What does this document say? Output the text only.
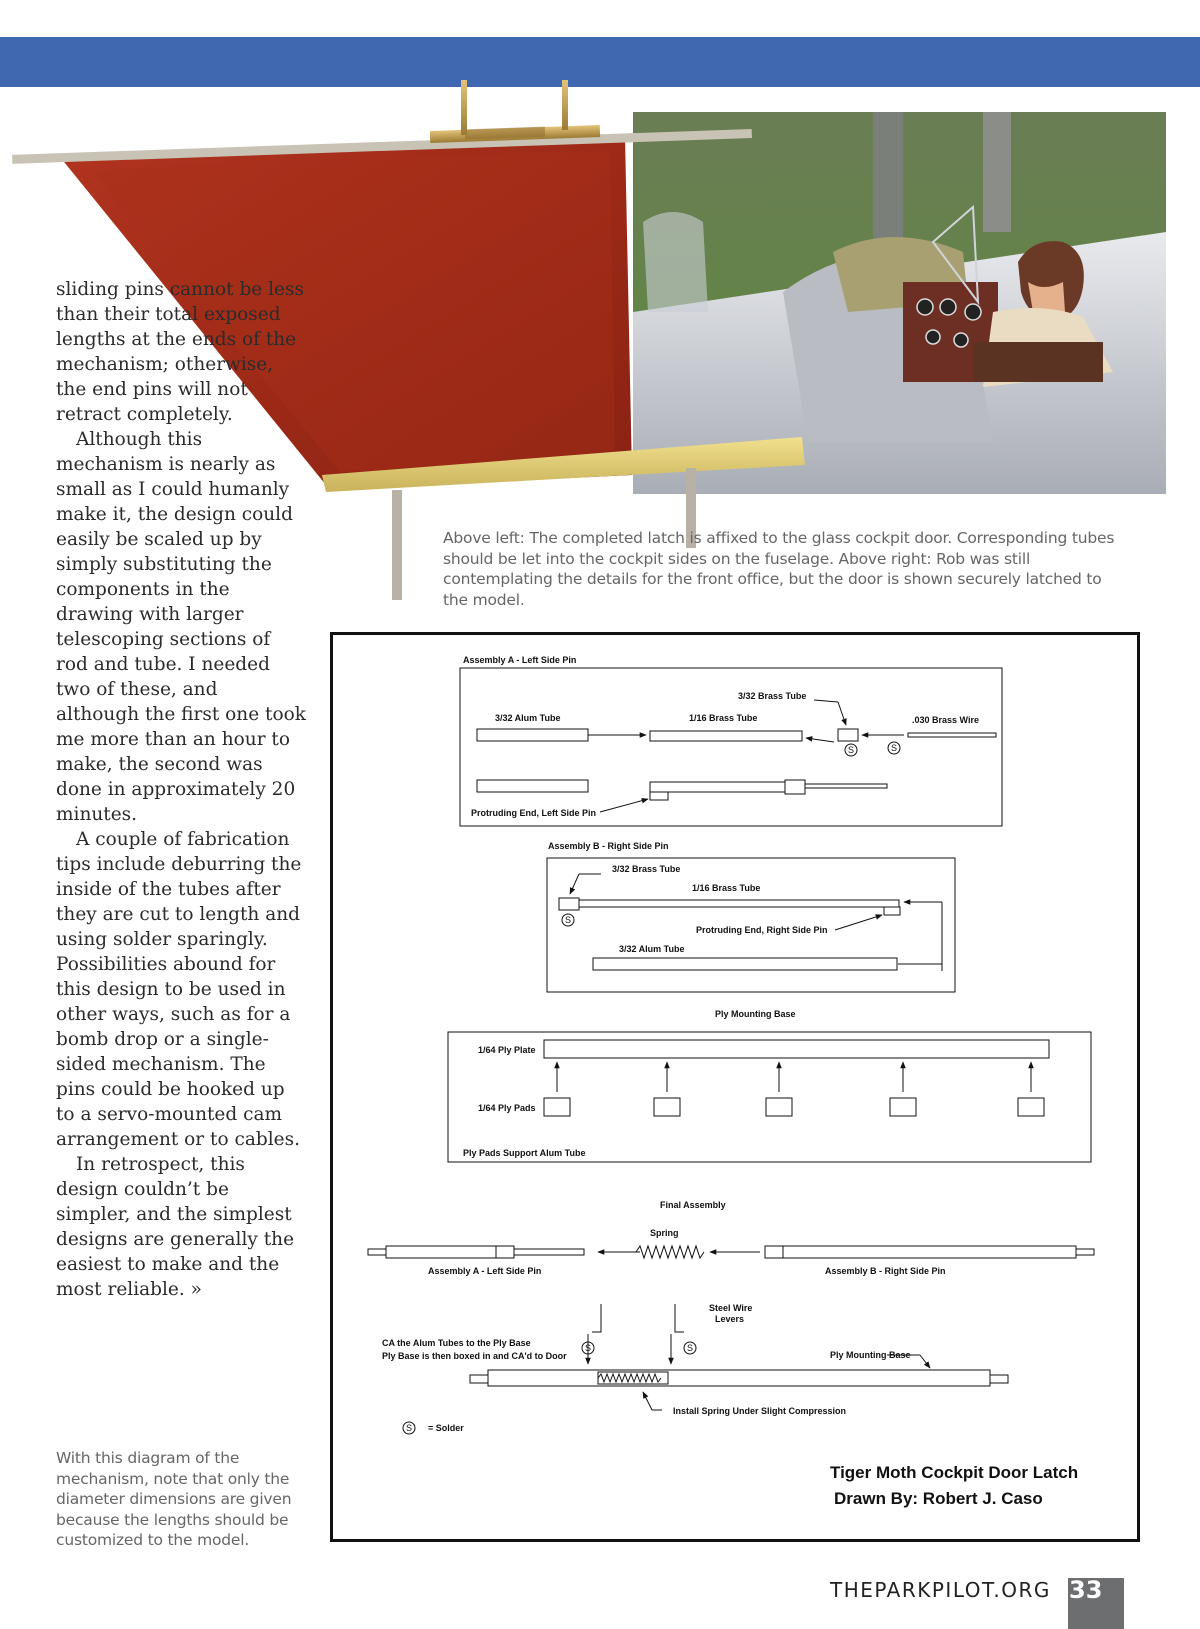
sliding pins cannot be less than their total exposed lengths at the ends of the mechanism; otherwise, the end pins will not retract completely.

Although this mechanism is nearly as small as I could humanly make it, the design could easily be scaled up by simply substituting the components in the drawing with larger telescoping sections of rod and tube. I needed two of these, and although the first one took me more than an hour to make, the second was done in approximately 20 minutes.

A couple of fabrication tips include deburring the inside of the tubes after they are cut to length and using solder sparingly. Possibilities abound for this design to be used in other ways, such as for a bomb drop or a single-sided mechanism. The pins could be hooked up to a servo-mounted cam arrangement or to cables.

In retrospect, this design couldn’t be simpler, and the simplest designs are generally the easiest to make and the most reliable. »

Above left: The completed latch is affixed to the glass cockpit door. Corresponding tubes should be let into the cockpit sides on the fuselage. Above right: Rob was still contemplating the details for the front office, but the door is shown securely latched to the model.
With this diagram of the mechanism, note that only the diameter dimensions are given because the lengths should be customized to the model.
Assembly A - Left Side Pin
3/32 Alum Tube	1/16 Brass Tube
3/32 Brass Tube
.030 Brass Wire
Protruding End, Left Side Pin
Assembly B - Right Side Pin
3/32 Brass Tube
1/16 Brass Tube
Protruding End, Right Side Pin
3/32 Alum Tube
Ply Mounting Base
1/64 Ply Plate
1/64 Ply Pads
Ply Pads Support Alum Tube
Final Assembly
Spring
Assembly A - Left Side Pin	Assembly B - Right Side Pin
Steel Wire
Levers
CA the Alum Tubes to the Ply Base
Ply Base is then boxed in and CA'd to Door	Ply Mounting Base
Install Spring Under Slight Compression
= Solder
S	S
S
S	S
S
Tiger Moth Cockpit Door Latch
Drawn By: Robert J. Caso
THEPARKPILOT.ORG 33
